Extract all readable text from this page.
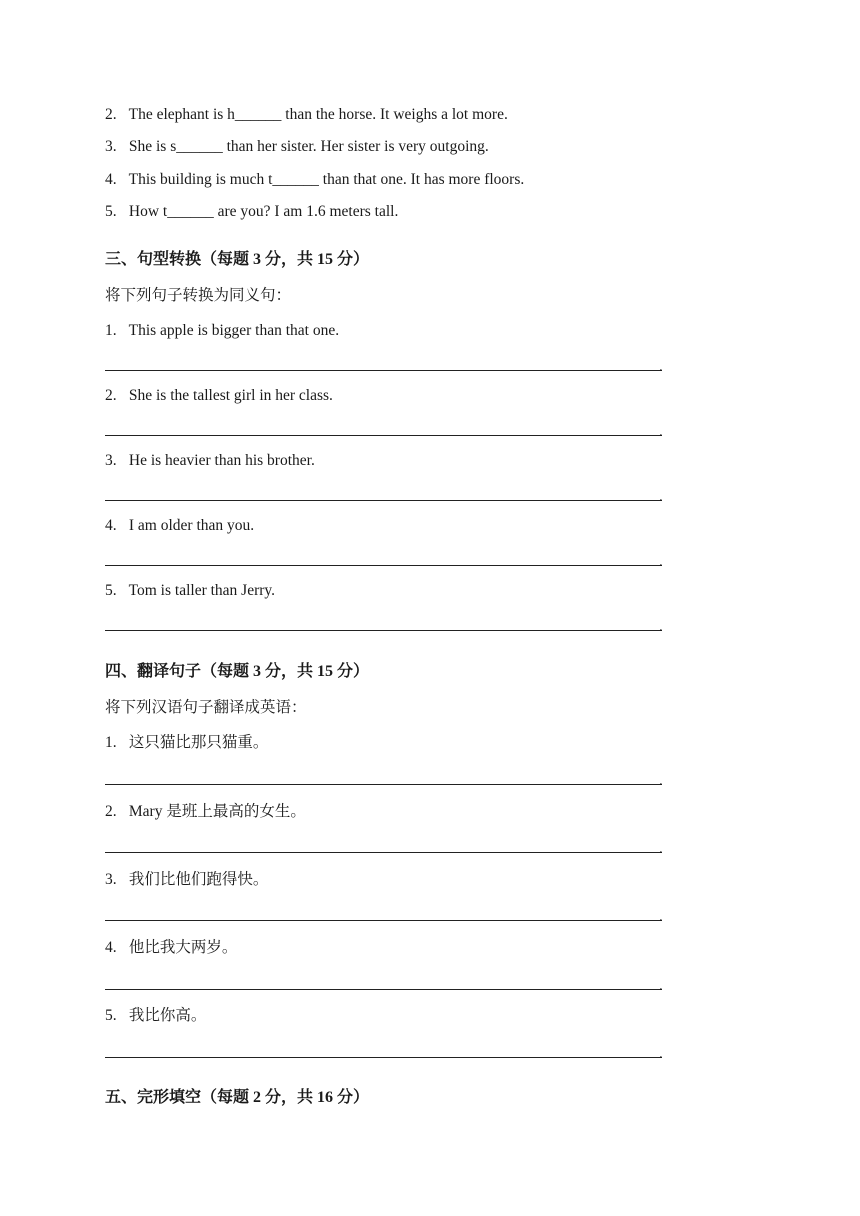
2. The elephant is h______ than the horse. It weighs a lot more.
3. She is s______ than her sister. Her sister is very outgoing.
4. This building is much t______ than that one. It has more floors.
5. How t______ are you? I am 1.6 meters tall.
三、句型转换（每题 3 分，共 15 分）
将下列句子转换为同义句：
1. This apple is bigger than that one.
.
2. She is the tallest girl in her class.
.
3. He is heavier than his brother.
.
4. I am older than you.
.
5. Tom is taller than Jerry.
.
四、翻译句子（每题 3 分，共 15 分）
将下列汉语句子翻译成英语：
1. 这只猫比那只猫重。
.
2. Mary 是班上最高的女生。
.
3. 我们比他们跑得快。
.
4. 他比我大两岁。
.
5. 我比你高。
.
五、完形填空（每题 2 分，共 16 分）
